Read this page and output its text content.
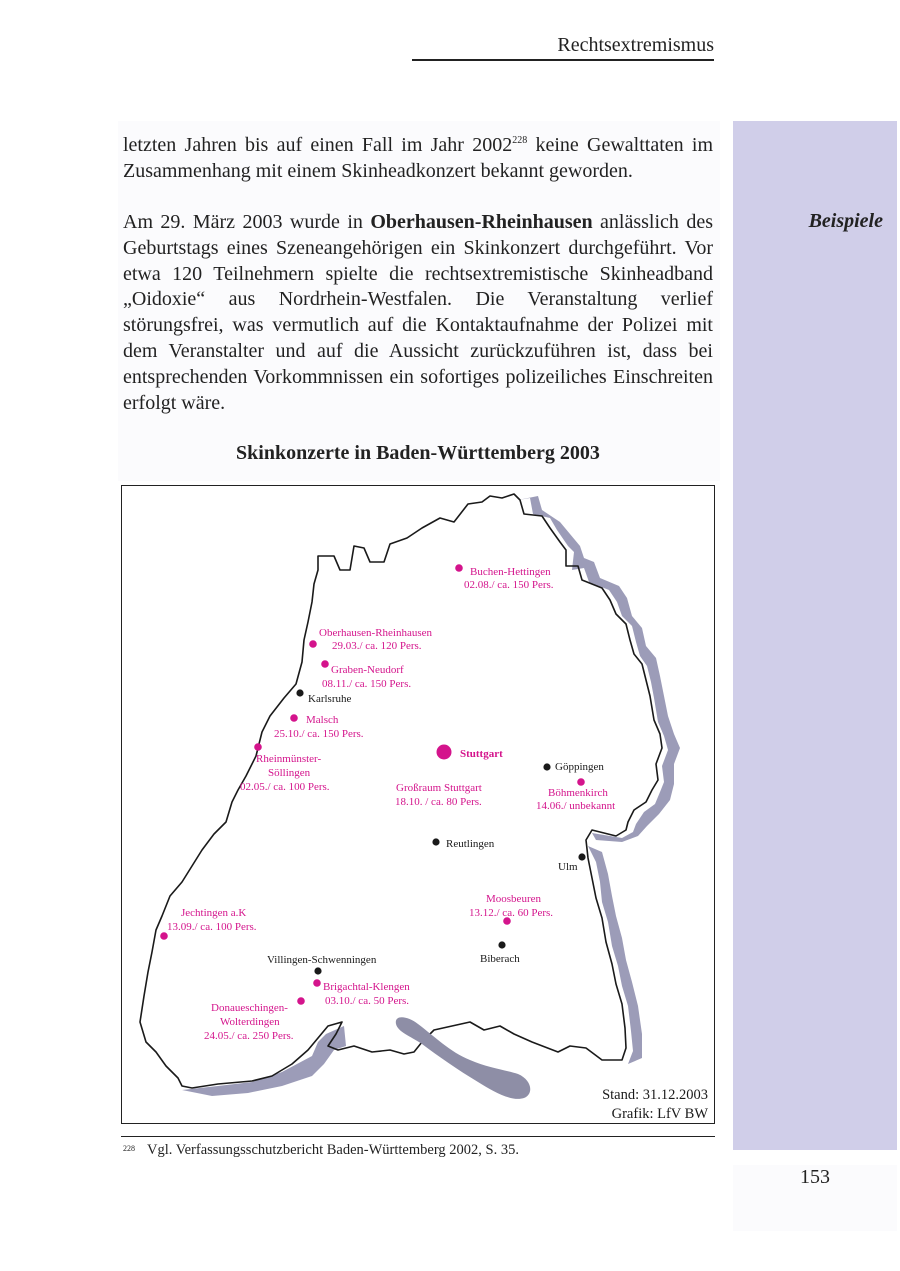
Rechtsextremismus
Beispiele

letzten Jahren bis auf einen Fall im Jahr 2002$^{228}$ keine Gewalttaten im Zusammenhang mit einem Skinheadkonzert bekannt geworden.

Am 29. März 2003 wurde in Oberhausen-Rheinhausen anlässlich des Geburtstags eines Szeneangehörigen ein Skinkonzert durchgeführt. Vor etwa 120 Teilnehmern spielte die rechtsextremistische Skinheadband „Oidoxie“ aus Nordrhein-Westfalen. Die Veranstaltung verlief störungsfrei, was vermutlich auf die Kontaktaufnahme der Polizei mit dem Veranstalter und auf die Aussicht zurückzuführen ist, dass bei entsprechenden Vorkommnissen ein sofortiges polizeiliches Einschreiten erfolgt wäre.

Skinkonzerte in Baden-Württemberg 2003
Karlsruhe
Stuttgart
Göppingen
Reutlingen
Ulm
Biberach
Villingen-Schwenningen
Buchen-Hettingen
02.08./ ca. 150 Pers.
Oberhausen-Rheinhausen
29.03./ ca. 120 Pers.
Graben-Neudorf
08.11./ ca. 150 Pers.
Malsch
25.10./ ca. 150 Pers.
Rheinmünster-
Söllingen
02.05./ ca. 100 Pers.	Großraum Stuttgart
18.10. / ca. 80 Pers.
Böhmenkirch
14.06./ unbekannt
Moosbeuren
13.12./ ca. 60 Pers.
Jechtingen a.K
13.09./ ca. 100 Pers.
Brigachtal-Klengen
03.10./ ca. 50 Pers.
Donaueschingen-
Wolterdingen
24.05./ ca. 250 Pers.
Stand: 31.12.2003
Grafik: LfV BW
228 Vgl. Verfassungsschutzbericht Baden-Württemberg 2002, S. 35.
153
